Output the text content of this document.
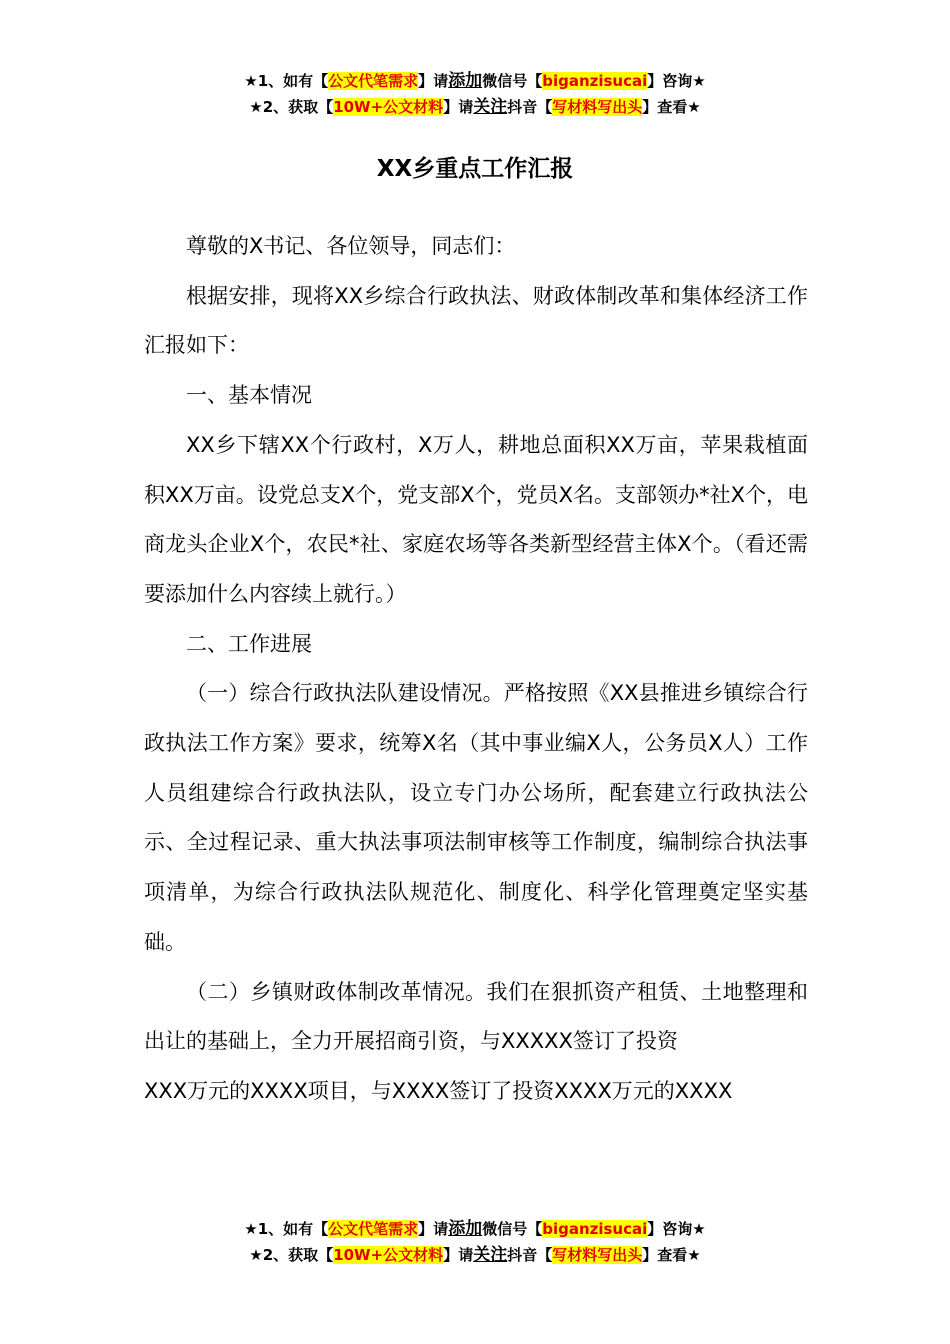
★1、如有【公文代笔需求】请添加微信号【biganzisucai】咨询★
★2、获取【10W+公文材料】请关注抖音【写材料写出头】查看★
XX乡重点工作汇报

尊敬的X书记、各位领导，同志们：

根据安排，现将XX乡综合行政执法、财政体制改革和集体经济工作汇报如下：

一、基本情况

XX乡下辖XX个行政村，X万人，耕地总面积XX万亩，苹果栽植面积XX万亩。设党总支X个，党支部X个，党员X名。支部领办*社X个，电商龙头企业X个，农民*社、家庭农场等各类新型经营主体X个。（看还需要添加什么内容续上就行。）

二、工作进展

（一）综合行政执法队建设情况。严格按照《XX县推进乡镇综合行政执法工作方案》要求，统筹X名（其中事业编X人，公务员X人）工作人员组建综合行政执法队，设立专门办公场所，配套建立行政执法公示、全过程记录、重大执法事项法制审核等工作制度，编制综合执法事项清单，为综合行政执法队规范化、制度化、科学化管理奠定坚实基础。

（二）乡镇财政体制改革情况。我们在狠抓资产租赁、土地整理和出让的基础上，全力开展招商引资，与XXXXX签订了投资

XXX万元的XXXX项目，与XXXX签订了投资XXXX万元的XXXX

★1、如有【公文代笔需求】请添加微信号【biganzisucai】咨询★
★2、获取【10W+公文材料】请关注抖音【写材料写出头】查看★
